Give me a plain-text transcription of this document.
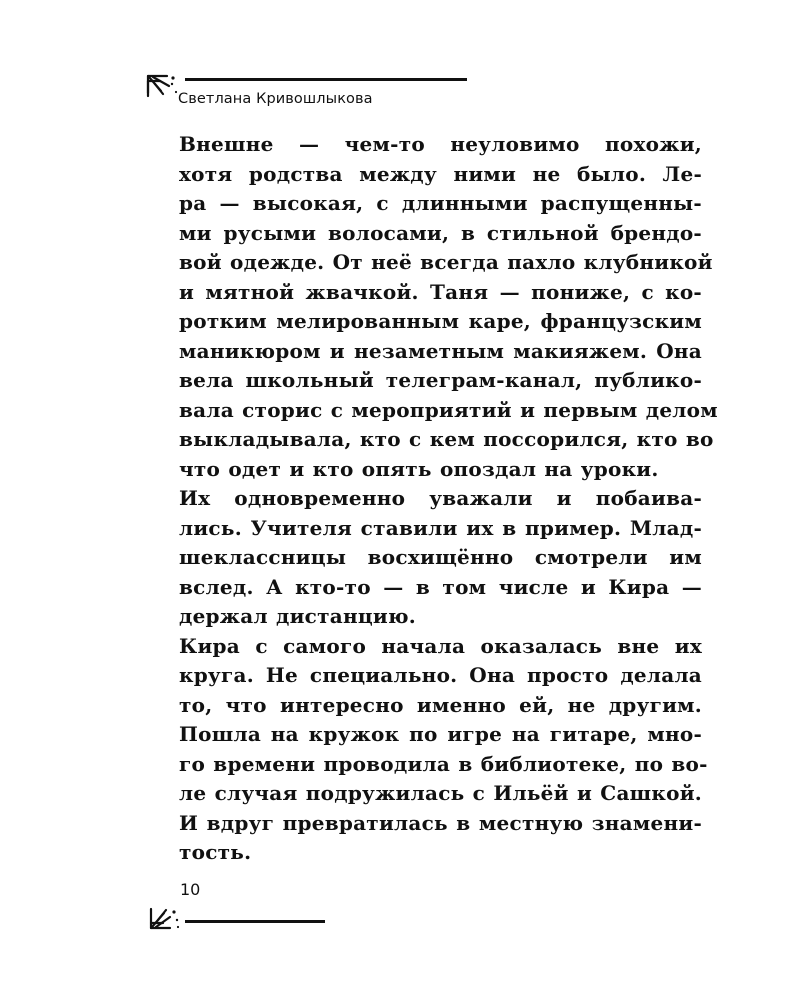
Светлана Кривошлыкова

Внешне — чем-то неуловимо похожи,
хотя родства между ними не было. Ле-
ра — высокая, с длинными распущенны-
ми русыми волосами, в стильной брендо-
вой одежде. От неё всегда пахло клубникой
и мятной жвачкой. Таня — пониже, с ко-
ротким мелированным каре, французским
маникюром и незаметным макияжем. Она
вела школьный телеграм-канал, публико-
вала сторис с мероприятий и первым делом
выкладывала, кто с кем поссорился, кто во
что одет и кто опять опоздал на уроки.

Их одновременно уважали и побаива-
лись. Учителя ставили их в пример. Млад-
шеклассницы восхищённо смотрели им
вслед. А кто-то — в том числе и Кира —
держал дистанцию.

Кира с самого начала оказалась вне их
круга. Не специально. Она просто делала
то, что интересно именно ей, не другим.
Пошла на кружок по игре на гитаре, мно-
го времени проводила в библиотеке, по во-
ле случая подружилась с Ильёй и Сашкой.
И вдруг превратилась в местную знамени-
тость.

10
